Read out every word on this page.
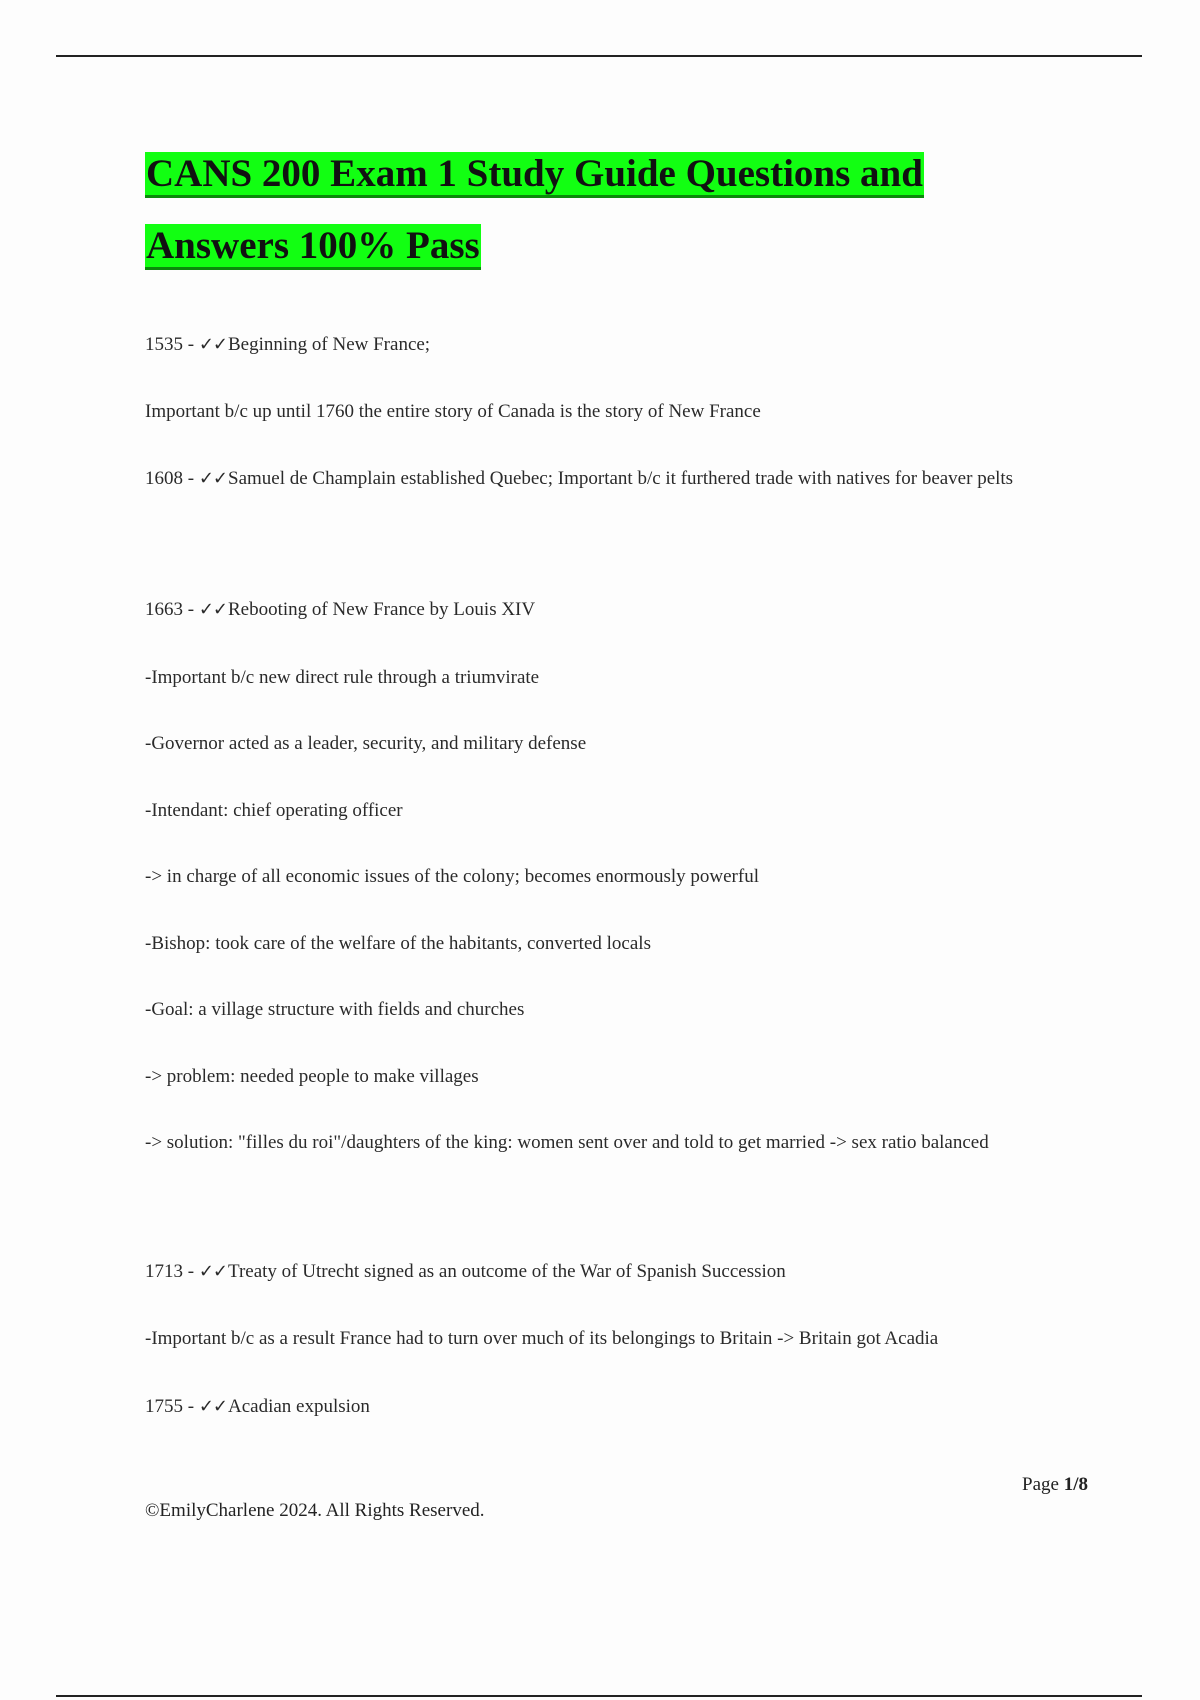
CANS 200 Exam 1 Study Guide Questions and
Answers 100% Pass

1535 - ✓✓Beginning of New France;

Important b/c up until 1760 the entire story of Canada is the story of New France

1608 - ✓✓Samuel de Champlain established Quebec; Important b/c it furthered trade with natives for beaver pelts

1663 - ✓✓Rebooting of New France by Louis XIV

-Important b/c new direct rule through a triumvirate

-Governor acted as a leader, security, and military defense

-Intendant: chief operating officer

-> in charge of all economic issues of the colony; becomes enormously powerful

-Bishop: took care of the welfare of the habitants, converted locals

-Goal: a village structure with fields and churches

-> problem: needed people to make villages

-> solution: "filles du roi"/daughters of the king: women sent over and told to get married -> sex ratio balanced

1713 - ✓✓Treaty of Utrecht signed as an outcome of the War of Spanish Succession

-Important b/c as a result France had to turn over much of its belongings to Britain -> Britain got Acadia

1755 - ✓✓Acadian expulsion

Page 1/8
©EmilyCharlene 2024. All Rights Reserved.
